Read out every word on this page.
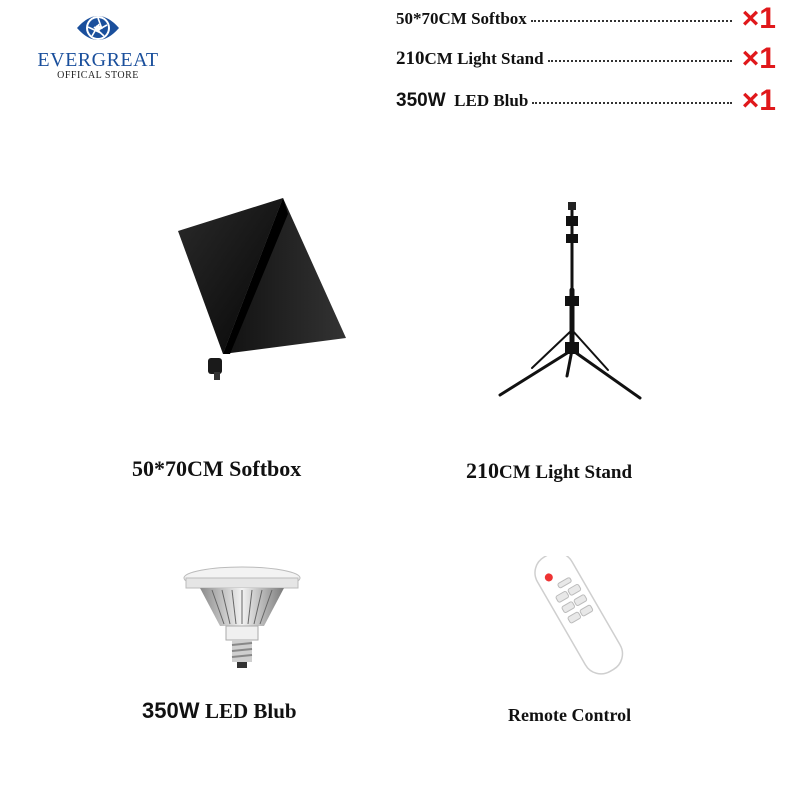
EVERGREAT
OFFICAL STORE
50*70CM Softbox	×1
210CM Light Stand	×1
350W LED Blub	×1
50*70CM Softbox	210CM Light Stand
350W LED Blub	Remote Control
